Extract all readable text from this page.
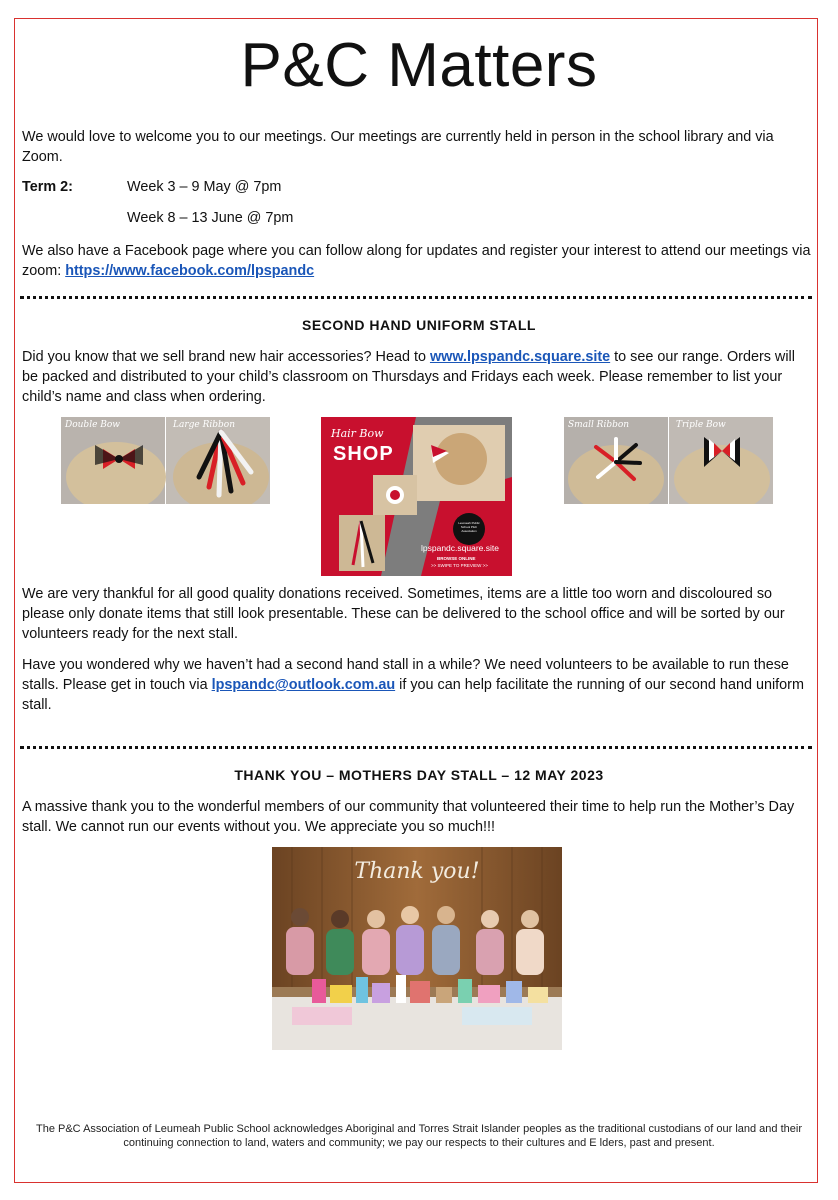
P&C Matters

We would love to welcome you to our meetings. Our meetings are currently held in person in the school library and via Zoom.

Term 2:	Week 3 – 9 May @ 7pm
Week 8 – 13 June @ 7pm

We also have a Facebook page where you can follow along for updates and register your interest to attend our meetings via zoom: https://www.facebook.com/lpspandc

SECOND HAND UNIFORM STALL

Did you know that we sell brand new hair accessories? Head to www.lpspandc.square.site to see our range. Orders will be packed and distributed to your child’s classroom on Thursdays and Fridays each week. Please remember to list your child’s name and class when ordering.

Double Bow	Large Ribbon
Hair Bow
SHOP
Leumeah Public School P&C Association
lpspandc.square.site
BROWSE ONLINE
>> SWIPE TO PREVIEW >>
Small Ribbon	Triple Bow

We are very thankful for all good quality donations received. Sometimes, items are a little too worn and discoloured so please only donate items that still look presentable. These can be delivered to the school office and will be sorted by our volunteers ready for the next stall.

Have you wondered why we haven’t had a second hand stall in a while? We need volunteers to be available to run these stalls. Please get in touch via lpspandc@outlook.com.au if you can help facilitate the running of our second hand uniform stall.

THANK YOU – MOTHERS DAY STALL – 12 MAY 2023

A massive thank you to the wonderful members of our community that volunteered their time to help run the Mother’s Day stall. We cannot run our events without you. We appreciate you so much!!!

Thank you!
The P&C Association of Leumeah Public School acknowledges Aboriginal and Torres Strait Islander peoples as the traditional custodians of our land and their continuing connection to land, waters and community; we pay our respects to their cultures and E lders, past and present.
